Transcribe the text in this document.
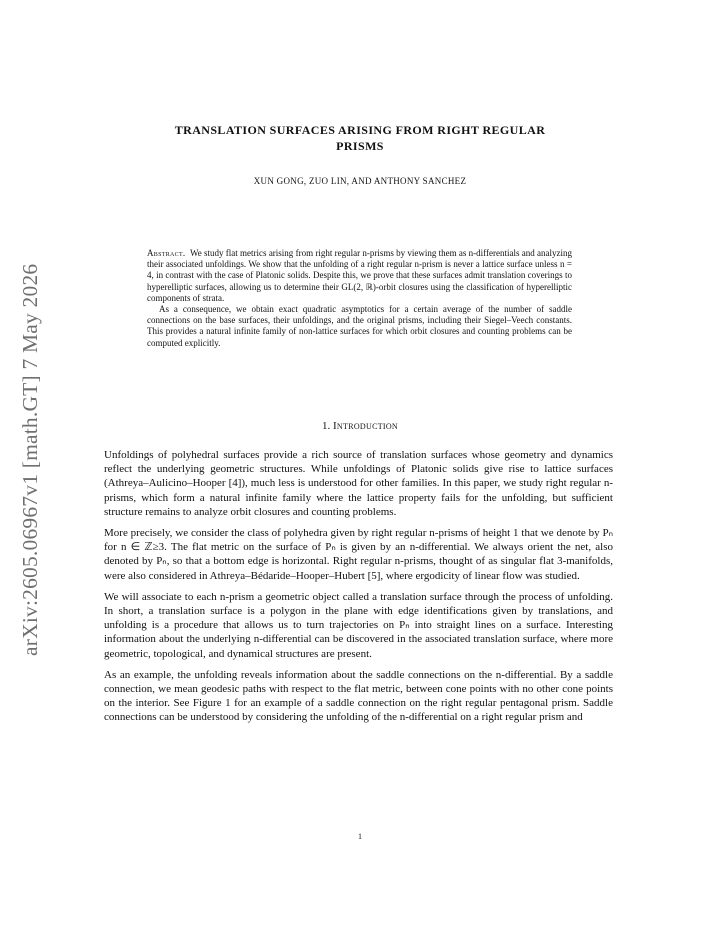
arXiv:2605.06967v1 [math.GT] 7 May 2026
TRANSLATION SURFACES ARISING FROM RIGHT REGULAR
PRISMS
XUN GONG, ZUO LIN, AND ANTHONY SANCHEZ

Abstract. We study flat metrics arising from right regular n-prisms by viewing them as n-differentials and analyzing their associated unfoldings. We show that the unfolding of a right regular n-prism is never a lattice surface unless n = 4, in contrast with the case of Platonic solids. Despite this, we prove that these surfaces admit translation coverings to hyperelliptic surfaces, allowing us to determine their GL(2, ℝ)-orbit closures using the classification of hyperelliptic components of strata.

As a consequence, we obtain exact quadratic asymptotics for a certain average of the number of saddle connections on the base surfaces, their unfoldings, and the original prisms, including their Siegel–Veech constants. This provides a natural infinite family of non-lattice surfaces for which orbit closures and counting problems can be computed explicitly.

1. Introduction

Unfoldings of polyhedral surfaces provide a rich source of translation surfaces whose geometry and dynamics reflect the underlying geometric structures. While unfoldings of Platonic solids give rise to lattice surfaces (Athreya–Aulicino–Hooper [4]), much less is understood for other families. In this paper, we study right regular n-prisms, which form a natural infinite family where the lattice property fails for the unfolding, but sufficient structure remains to analyze orbit closures and counting problems.

More precisely, we consider the class of polyhedra given by right regular n-prisms of height 1 that we denote by Pₙ for n ∈ ℤ≥3. The flat metric on the surface of Pₙ is given by an n-differential. We always orient the net, also denoted by Pₙ, so that a bottom edge is horizontal. Right regular n-prisms, thought of as singular flat 3-manifolds, were also considered in Athreya–Bédaride–Hooper–Hubert [5], where ergodicity of linear flow was studied.

We will associate to each n-prism a geometric object called a translation surface through the process of unfolding. In short, a translation surface is a polygon in the plane with edge identifications given by translations, and unfolding is a procedure that allows us to turn trajectories on Pₙ into straight lines on a surface. Interesting information about the underlying n-differential can be discovered in the associated translation surface, where more geometric, topological, and dynamical structures are present.

As an example, the unfolding reveals information about the saddle connections on the n-differential. By a saddle connection, we mean geodesic paths with respect to the flat metric, between cone points with no other cone points on the interior. See Figure 1 for an example of a saddle connection on the right regular pentagonal prism. Saddle connections can be understood by considering the unfolding of the n-differential on a right regular prism and

1
